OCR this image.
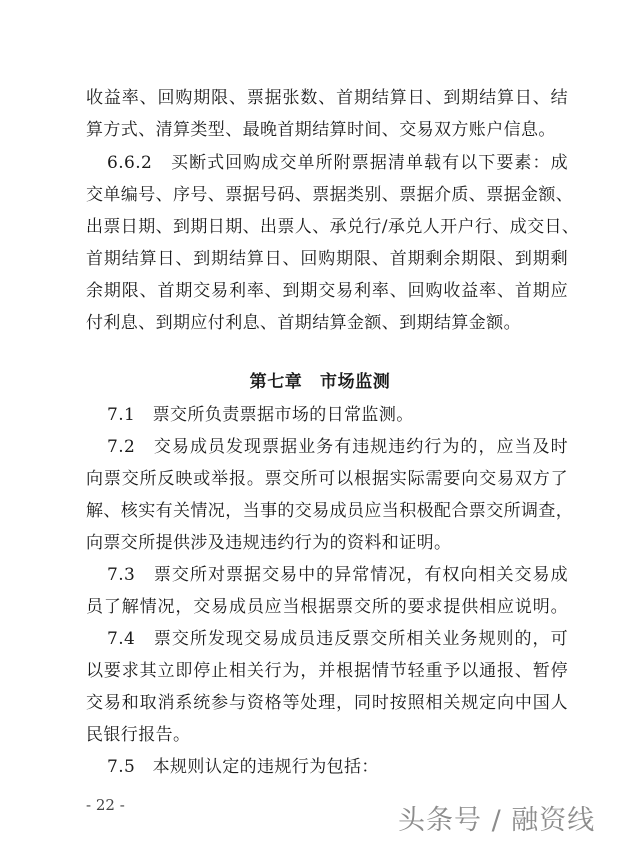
收益率、回购期限、票据张数、首期结算日、到期结算日、结
算方式、清算类型、最晚首期结算时间、交易双方账户信息。
6.6.2　买断式回购成交单所附票据清单载有以下要素：成
交单编号、序号、票据号码、票据类别、票据介质、票据金额、
出票日期、到期日期、出票人、承兑行/承兑人开户行、成交日、
首期结算日、到期结算日、回购期限、首期剩余期限、到期剩
余期限、首期交易利率、到期交易利率、回购收益率、首期应
付利息、到期应付利息、首期结算金额、到期结算金额。
第七章　市场监测
7.1　票交所负责票据市场的日常监测。
7.2　交易成员发现票据业务有违规违约行为的，应当及时
向票交所反映或举报。票交所可以根据实际需要向交易双方了
解、核实有关情况，当事的交易成员应当积极配合票交所调查，
向票交所提供涉及违规违约行为的资料和证明。
7.3　票交所对票据交易中的异常情况，有权向相关交易成
员了解情况，交易成员应当根据票交所的要求提供相应说明。
7.4　票交所发现交易成员违反票交所相关业务规则的，可
以要求其立即停止相关行为，并根据情节轻重予以通报、暂停
交易和取消系统参与资格等处理，同时按照相关规定向中国人
民银行报告。
7.5　本规则认定的违规行为包括：
- 22 -	头条号 / 融资线
